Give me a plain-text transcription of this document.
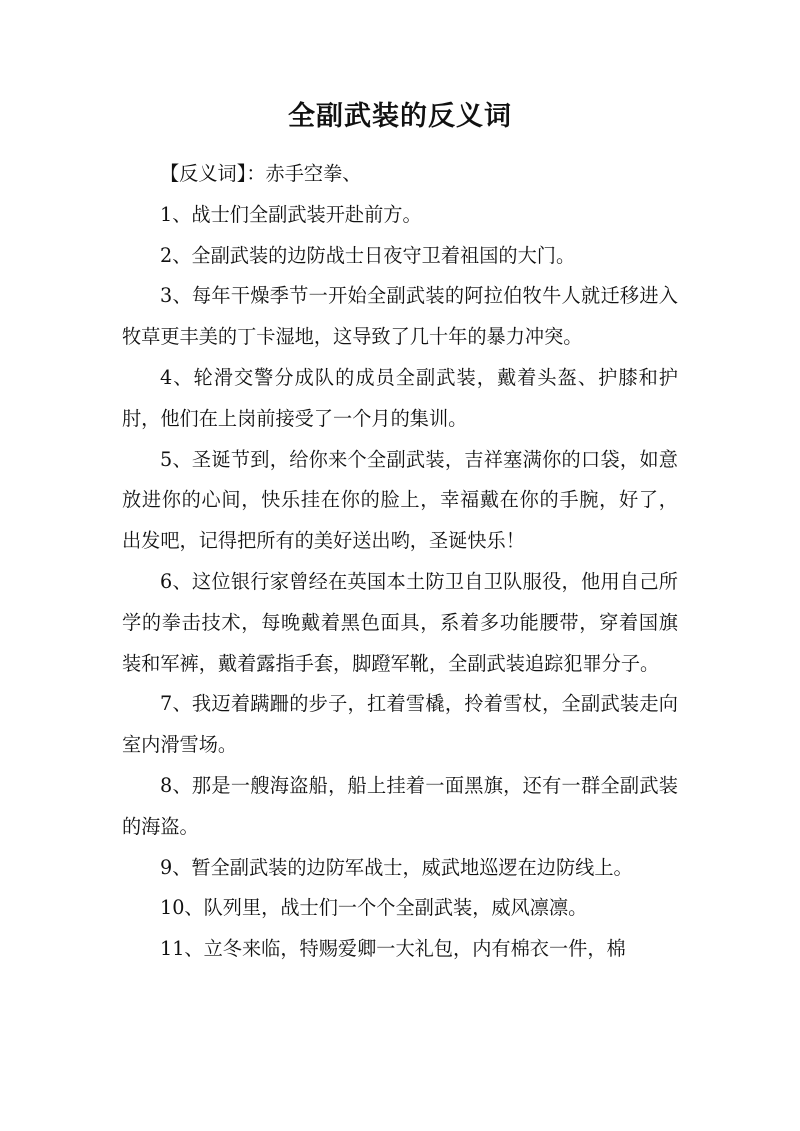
全副武装的反义词

【反义词】：赤手空拳、

1、战士们全副武装开赴前方。

2、全副武装的边防战士日夜守卫着祖国的大门。

3、每年干燥季节一开始全副武装的阿拉伯牧牛人就迁移进入牧草更丰美的丁卡湿地，这导致了几十年的暴力冲突。

4、轮滑交警分成队的成员全副武装，戴着头盔、护膝和护肘，他们在上岗前接受了一个月的集训。

5、圣诞节到，给你来个全副武装，吉祥塞满你的口袋，如意放进你的心间，快乐挂在你的脸上，幸福戴在你的手腕，好了，出发吧，记得把所有的美好送出哟，圣诞快乐！

6、这位银行家曾经在英国本土防卫自卫队服役，他用自己所学的拳击技术，每晚戴着黑色面具，系着多功能腰带，穿着国旗装和军裤，戴着露指手套，脚蹬军靴，全副武装追踪犯罪分子。

7、我迈着蹒跚的步子，扛着雪橇，拎着雪杖，全副武装走向室内滑雪场。

8、那是一艘海盗船，船上挂着一面黑旗，还有一群全副武装的海盗。

9、暂全副武装的边防军战士，威武地巡逻在边防线上。

10、队列里，战士们一个个全副武装，威风凛凛。

11、立冬来临，特赐爱卿一大礼包，内有棉衣一件，棉
